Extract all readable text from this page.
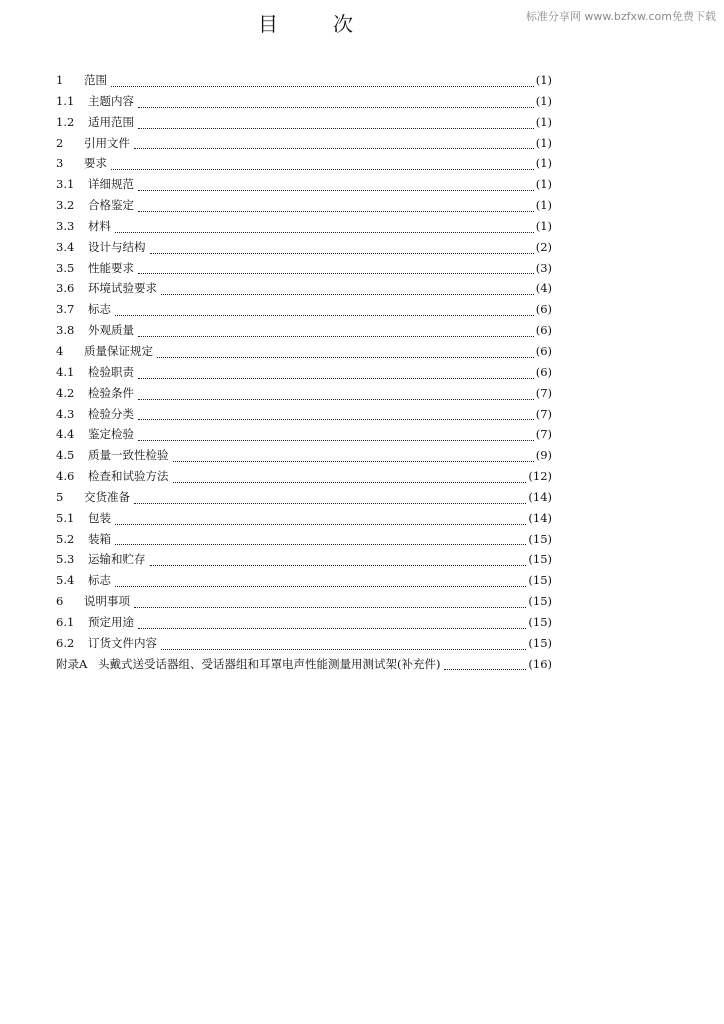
标准分享网 www.bzfxw.com免费下载
目	次
1	范围	(1)
1.1	主题内容	(1)
1.2	适用范围	(1)
2	引用文件	(1)
3	要求	(1)
3.1	详细规范	(1)
3.2	合格鉴定	(1)
3.3	材料	(1)
3.4	设计与结构	(2)
3.5	性能要求	(3)
3.6	环境试验要求	(4)
3.7	标志	(6)
3.8	外观质量	(6)
4	质量保证规定	(6)
4.1	检验职责	(6)
4.2	检验条件	(7)
4.3	检验分类	(7)
4.4	鉴定检验	(7)
4.5	质量一致性检验	(9)
4.6	检查和试验方法	(12)
5	交货准备	(14)
5.1	包装	(14)
5.2	装箱	(15)
5.3	运输和贮存	(15)
5.4	标志	(15)
6	说明事项	(15)
6.1	预定用途	(15)
6.2	订货文件内容	(15)
附录A 头戴式送受话器组、受话器组和耳罩电声性能测量用测试架(补充件)	(16)
